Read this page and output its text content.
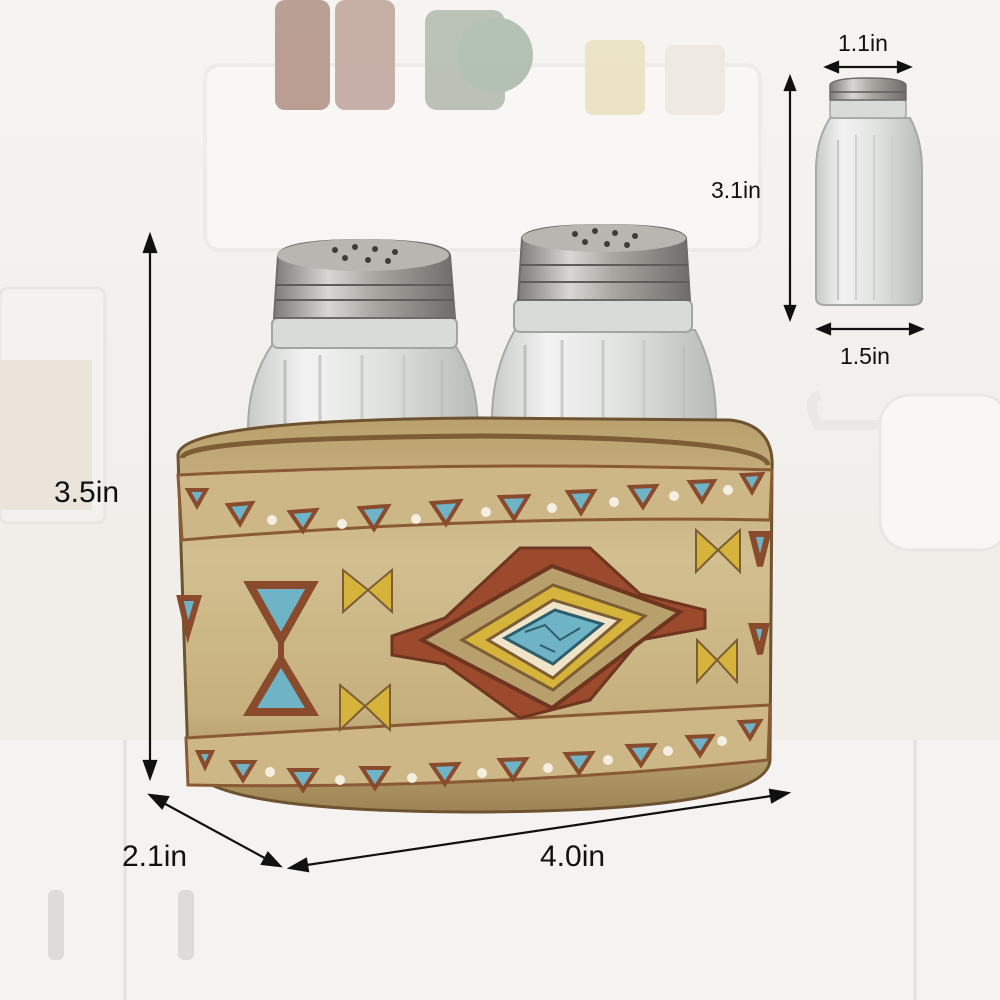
3.5in
2.1in	4.0in
1.1in
3.1in
1.5in
